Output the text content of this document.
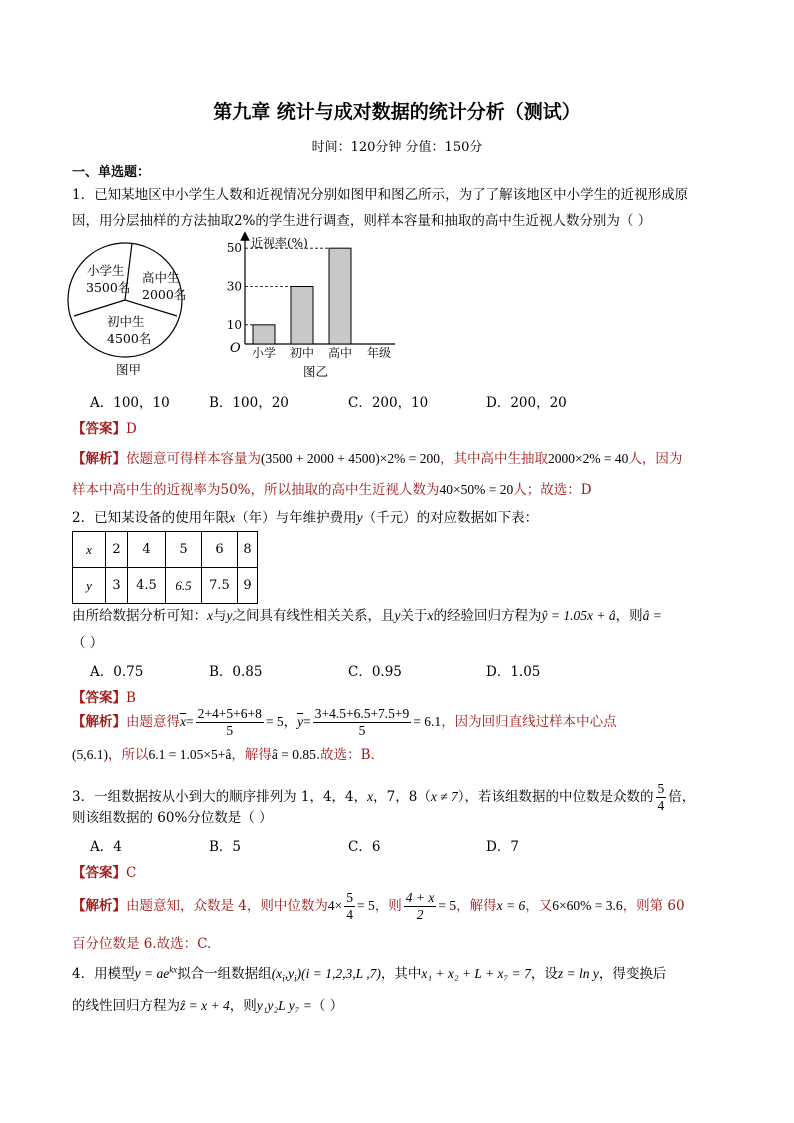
第九章 统计与成对数据的统计分析（测试）
时间：120分钟 分值：150分
一、单选题：
1．已知某地区中小学生人数和近视情况分别如图甲和图乙所示，为了了解该地区中小学生的近视形成原
因，用分层抽样的方法抽取2%的学生进行调查，则样本容量和抽取的高中生近视人数分别为（ ）
小学生
3500名
高中生
2000名
初中生
4500名
图甲
近视率(%)
O
10
小学
30
初中
50
高中 年级
图乙
A．100，10	B．100，20	C．200，10	D．200，20
【答案】D
【解析】依题意可得样本容量为(3500 + 2000 + 4500)×2% = 200，其中高中生抽取2000×2% = 40人，因为
样本中高中生的近视率为50%，所以抽取的高中生近视人数为40×50% = 20人；故选：D
2．已知某设备的使用年限x（年）与年维护费用y（千元）的对应数据如下表：
x	2	4	5	6	8
y	3	4.5	6.5	7.5	9
由所给数据分析可知：x与y之间具有线性相关关系，且y关于x的经验回归方程为ŷ = 1.05x + â，则â =
（ ）
A．0.75	B．0.85	C．0.95	D．1.05
【答案】B
【解析】由题意得$\overline{x}= \frac{2+4+5+6+8}{5} = 5$，$\overline{y}= \frac{3+4.5+6.5+7.5+9}{5} = 6.1$，因为回归直线过样本中心点
(5,6.1)，所以6.1 = 1.05×5+â，解得â = 0.85.故选：B.
3．一组数据按从小到大的顺序排列为 1，4，4，x，7，8（x ≠ 7），若该组数据的中位数是众数的 $\frac{5}{4}$ 倍，
则该组数据的 60%分位数是（ ）
A．4	B．5	C．6	D．7
【答案】C
【解析】由题意知，众数是 4，则中位数为$4\times \frac{5}{4} = 5$，则 $\frac{4 + x}{2} = 5$，解得x = 6，又6×60% = 3.6，则第 60
百分位数是 6.故选：C.
4．用模型$y = ae^{kx}$拟合一组数据组$(x_i,y_i)(i = 1,2,3,L$ ,7)，其中x₁ + x₂ + L + x₇ = 7，设z = ln y，得变换后
的线性回归方程为ẑ = x + 4，则y₁y₂L y₇ =（ ）
